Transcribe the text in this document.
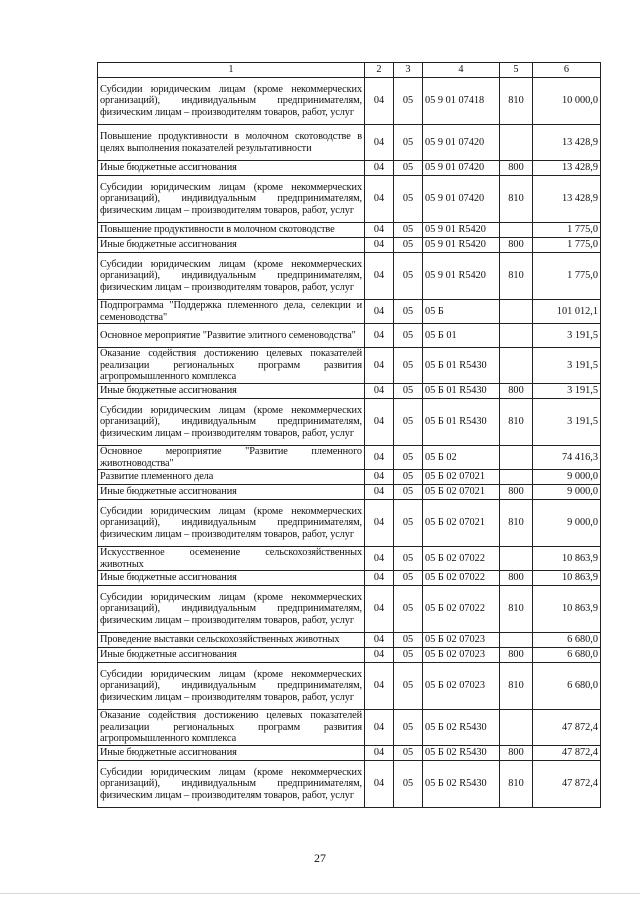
1	2	3	4	5	6
Субсидии юридическим лицам (кроме некоммерческих организаций), индивидуальным предпринимателям, физическим лицам – производителям товаров, работ, услуг	04	05	05 9 01 07418	810	10 000,0
Повышение продуктивности в молочном скотоводстве в целях выполнения показателей результативности	04	05	05 9 01 07420		13 428,9
Иные бюджетные ассигнования	04	05	05 9 01 07420	800	13 428,9
Субсидии юридическим лицам (кроме некоммерческих организаций), индивидуальным предпринимателям, физическим лицам – производителям товаров, работ, услуг	04	05	05 9 01 07420	810	13 428,9
Повышение продуктивности в молочном скотоводстве	04	05	05 9 01 R5420		1 775,0
Иные бюджетные ассигнования	04	05	05 9 01 R5420	800	1 775,0
Субсидии юридическим лицам (кроме некоммерческих организаций), индивидуальным предпринимателям, физическим лицам – производителям товаров, работ, услуг	04	05	05 9 01 R5420	810	1 775,0
Подпрограмма "Поддержка племенного дела, селекции и семеноводства"	04	05	05 Б		101 012,1
Основное мероприятие "Развитие элитного семеноводства"	04	05	05 Б 01		3 191,5
Оказание содействия достижению целевых показателей реализации региональных программ развития агропромышленного комплекса	04	05	05 Б 01 R5430		3 191,5
Иные бюджетные ассигнования	04	05	05 Б 01 R5430	800	3 191,5
Субсидии юридическим лицам (кроме некоммерческих организаций), индивидуальным предпринимателям, физическим лицам – производителям товаров, работ, услуг	04	05	05 Б 01 R5430	810	3 191,5
Основное мероприятие "Развитие племенного животноводства"	04	05	05 Б 02		74 416,3
Развитие племенного дела	04	05	05 Б 02 07021		9 000,0
Иные бюджетные ассигнования	04	05	05 Б 02 07021	800	9 000,0
Субсидии юридическим лицам (кроме некоммерческих организаций), индивидуальным предпринимателям, физическим лицам – производителям товаров, работ, услуг	04	05	05 Б 02 07021	810	9 000,0
Искусственное осеменение сельскохозяйственных животных	04	05	05 Б 02 07022		10 863,9
Иные бюджетные ассигнования	04	05	05 Б 02 07022	800	10 863,9
Субсидии юридическим лицам (кроме некоммерческих организаций), индивидуальным предпринимателям, физическим лицам – производителям товаров, работ, услуг	04	05	05 Б 02 07022	810	10 863,9
Проведение выставки сельскохозяйственных животных	04	05	05 Б 02 07023		6 680,0
Иные бюджетные ассигнования	04	05	05 Б 02 07023	800	6 680,0
Субсидии юридическим лицам (кроме некоммерческих организаций), индивидуальным предпринимателям, физическим лицам – производителям товаров, работ, услуг	04	05	05 Б 02 07023	810	6 680,0
Оказание содействия достижению целевых показателей реализации региональных программ развития агропромышленного комплекса	04	05	05 Б 02 R5430		47 872,4
Иные бюджетные ассигнования	04	05	05 Б 02 R5430	800	47 872,4
Субсидии юридическим лицам (кроме некоммерческих организаций), индивидуальным предпринимателям, физическим лицам – производителям товаров, работ, услуг	04	05	05 Б 02 R5430	810	47 872,4
27
